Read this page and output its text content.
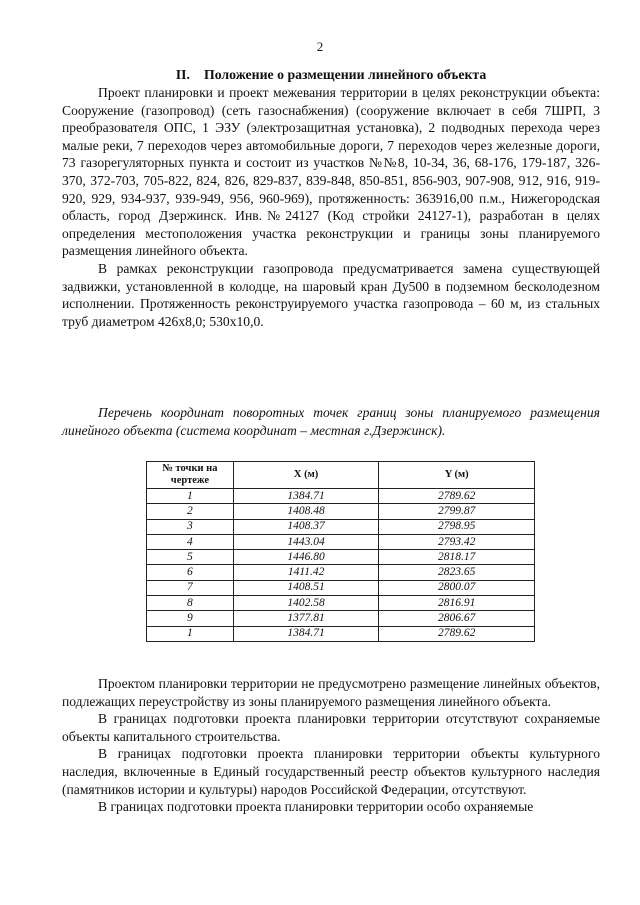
2
II. Положение о размещении линейного объекта

Проект планировки и проект межевания территории в целях реконструкции объекта: Сооружение (газопровод) (сеть газоснабжения) (сооружение включает в себя 7ШРП, 3 преобразователя ОПС, 1 ЭЗУ (электрозащитная установка), 2 подводных перехода через малые реки, 7 переходов через автомобильные дороги, 7 переходов через железные дороги, 73 газорегуляторных пункта и состоит из участков №№8, 10-34, 36, 68-176, 179-187, 326-370, 372-703, 705-822, 824, 826, 829-837, 839-848, 850-851, 856-903, 907-908, 912, 916, 919-920, 929, 934-937, 939-949, 956, 960-969), протяженность: 363916,00 п.м., Нижегородская область, город Дзержинск. Инв.№24127 (Код стройки 24127-1), разработан в целях определения местоположения участка реконструкции и границы зоны планируемого размещения линейного объекта.

В рамках реконструкции газопровода предусматривается замена существующей задвижки, установленной в колодце, на шаровый кран Ду500 в подземном бесколодезном исполнении. Протяженность реконструируемого участка газопровода – 60 м, из стальных труб диаметром 426х8,0; 530х10,0.

Перечень координат поворотных точек границ зоны планируемого размещения линейного объекта (система координат – местная г.Дзержинск).

№ точки на чертеже	X (м)	Y (м)
1	1384.71	2789.62
2	1408.48	2799.87
3	1408.37	2798.95
4	1443.04	2793.42
5	1446.80	2818.17
6	1411.42	2823.65
7	1408.51	2800.07
8	1402.58	2816.91
9	1377.81	2806.67
1	1384.71	2789.62

Проектом планировки территории не предусмотрено размещение линейных объектов, подлежащих переустройству из зоны планируемого размещения линейного объекта.

В границах подготовки проекта планировки территории отсутствуют сохраняемые объекты капитального строительства.

В границах подготовки проекта планировки территории объекты культурного наследия, включенные в Единый государственный реестр объектов культурного наследия (памятников истории и культуры) народов Российской Федерации, отсутствуют.

В границах подготовки проекта планировки территории особо охраняемые
